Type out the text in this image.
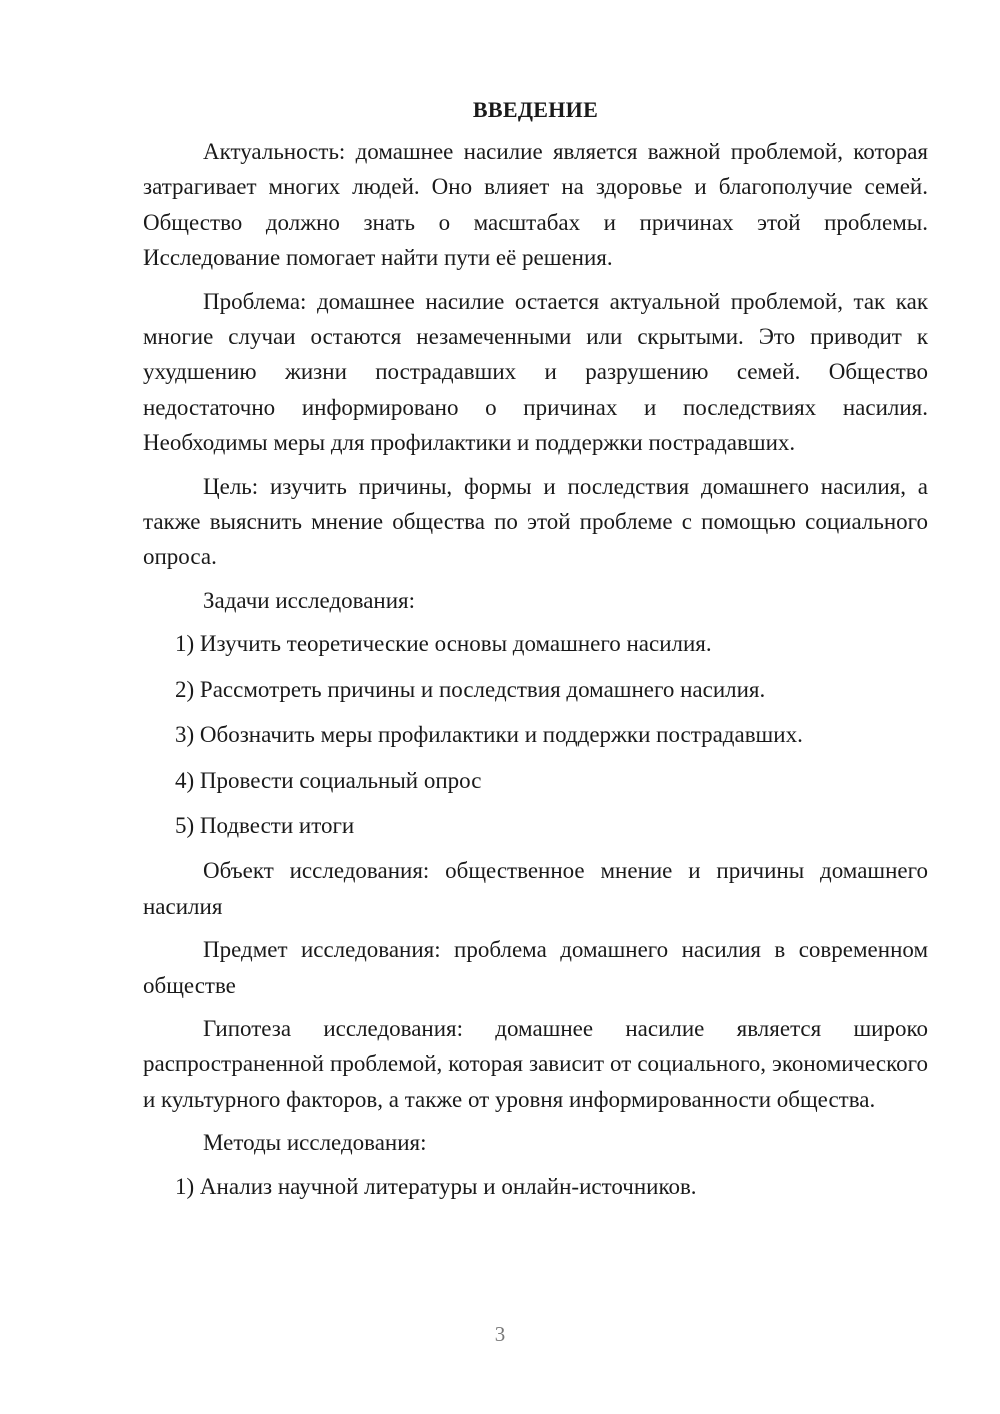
ВВЕДЕНИЕ

Актуальность: домашнее насилие является важной проблемой, которая затрагивает многих людей. Оно влияет на здоровье и благополучие семей. Общество должно знать о масштабах и причинах этой проблемы. Исследование помогает найти пути её решения.

Проблема: домашнее насилие остается актуальной проблемой, так как многие случаи остаются незамеченными или скрытыми. Это приводит к ухудшению жизни пострадавших и разрушению семей. Общество недостаточно информировано о причинах и последствиях насилия. Необходимы меры для профилактики и поддержки пострадавших.

Цель: изучить причины, формы и последствия домашнего насилия, а также выяснить мнение общества по этой проблеме с помощью социального опроса.

Задачи исследования:

1) Изучить теоретические основы домашнего насилия.
2) Рассмотреть причины и последствия домашнего насилия.
3) Обозначить меры профилактики и поддержки пострадавших.
4) Провести социальный опрос
5) Подвести итоги

Объект исследования: общественное мнение и причины домашнего насилия

Предмет исследования: проблема домашнего насилия в современном обществе

Гипотеза исследования: домашнее насилие является широко распространенной проблемой, которая зависит от социального, экономического и культурного факторов, а также от уровня информированности общества.

Методы исследования:

1) Анализ научной литературы и онлайн-источников.
3
